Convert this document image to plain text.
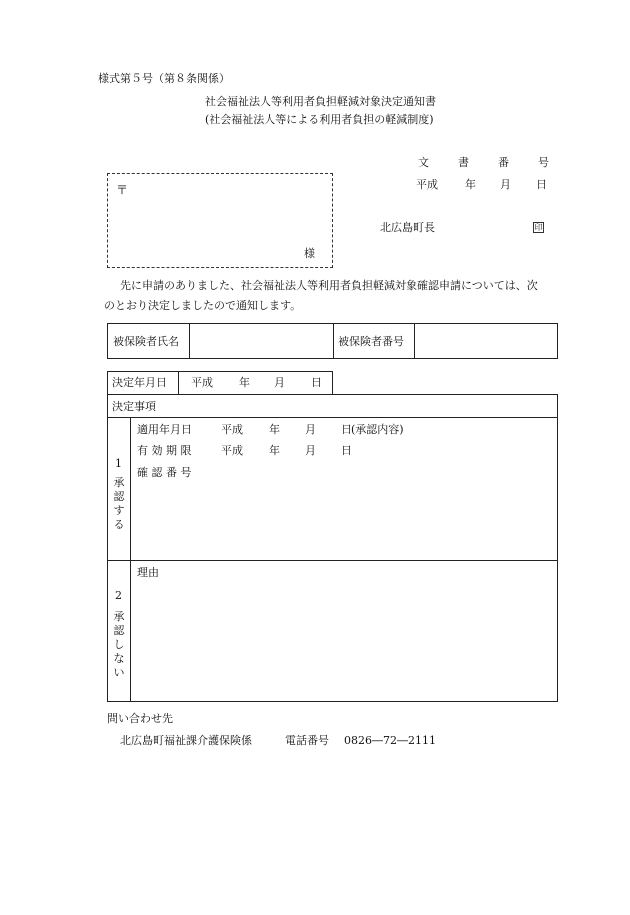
様式第５号（第８条関係）
社会福祉法人等利用者負担軽減対象決定通知書
(社会福祉法人等による利用者負担の軽減制度)
文	書	番	号
平成 年 月 日
北広島町長	印
〒
様
先に申請のありました、社会福祉法人等利用者負担軽減対象確認申請については、次
のとおり決定しましたので通知します。
被保険者氏名	被保険者番号
決定年月日 平成 年 月 日
決定事項
1
承認する
適用年月日	平成 年 月 日 (承認内容)
有 効 期 限	平成 年 月 日
確 認 番 号
2
承認しない
理由
問い合わせ先
北広島町福祉課介護保険係	電話番号 0826―72―2111
